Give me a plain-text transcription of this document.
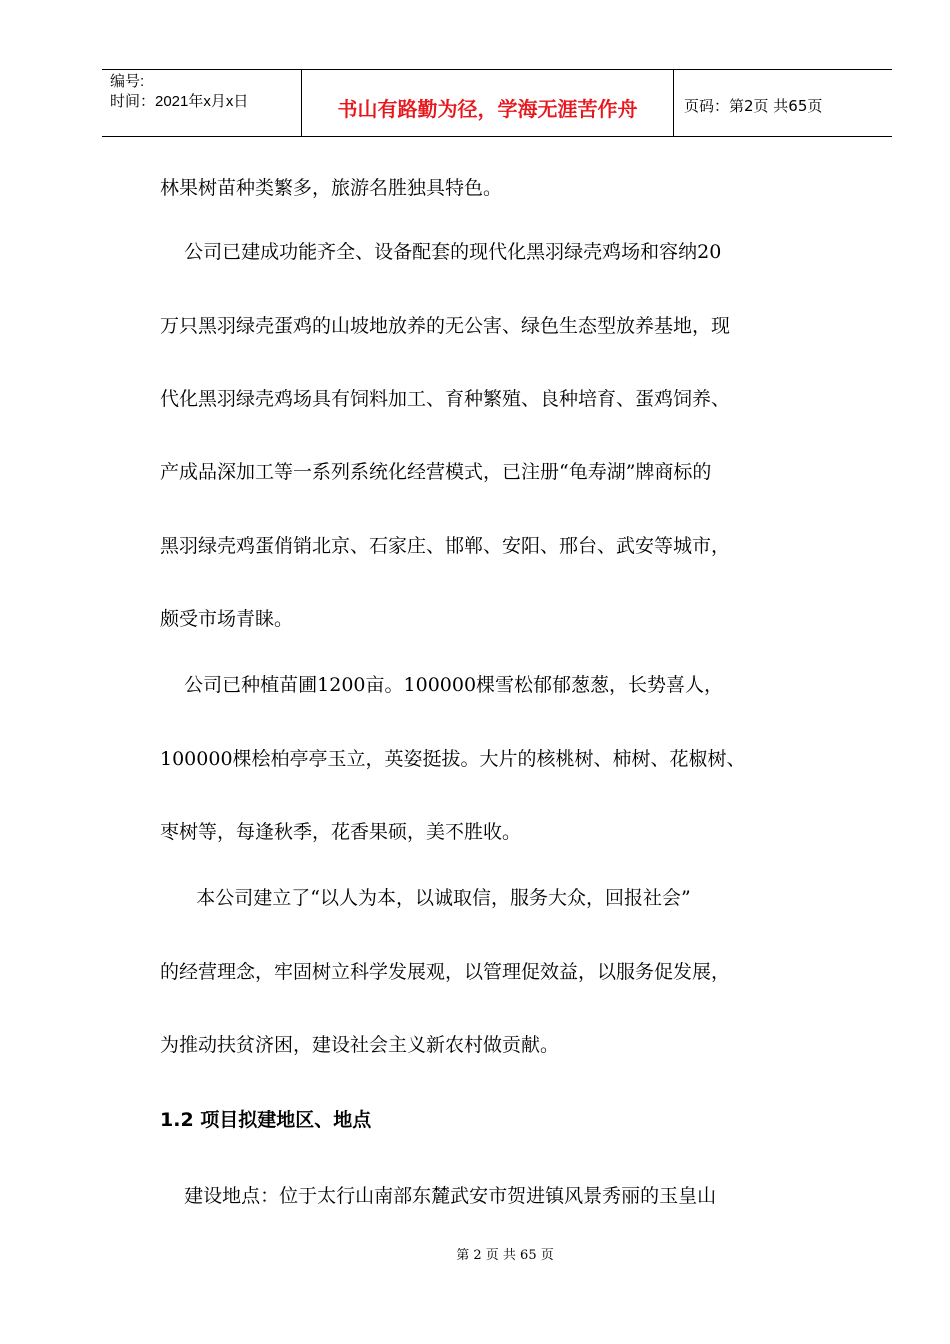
编号:
时间：2021年x月x日	书山有路勤为径，学海无涯苦作舟	页码：第2页 共65页
林果树苗种类繁多，旅游名胜独具特色。
公司已建成功能齐全、设备配套的现代化黑羽绿壳鸡场和容纳20
万只黑羽绿壳蛋鸡的山坡地放养的无公害、绿色生态型放养基地，现
代化黑羽绿壳鸡场具有饲料加工、育种繁殖、良种培育、蛋鸡饲养、
产成品深加工等一系列系统化经营模式，已注册“龟寿湖”牌商标的
黑羽绿壳鸡蛋俏销北京、石家庄、邯郸、安阳、邢台、武安等城市，
颇受市场青睐。
公司已种植苗圃1200亩。100000棵雪松郁郁葱葱，长势喜人，
100000棵桧柏亭亭玉立，英姿挺拔。大片的核桃树、柿树、花椒树、
枣树等，每逢秋季，花香果硕，美不胜收。
本公司建立了“以人为本，以诚取信，服务大众，回报社会”
的经营理念，牢固树立科学发展观，以管理促效益，以服务促发展，
为推动扶贫济困，建设社会主义新农村做贡献。
1.2 项目拟建地区、地点
建设地点：位于太行山南部东麓武安市贺进镇风景秀丽的玉皇山
第 2 页 共 65 页
